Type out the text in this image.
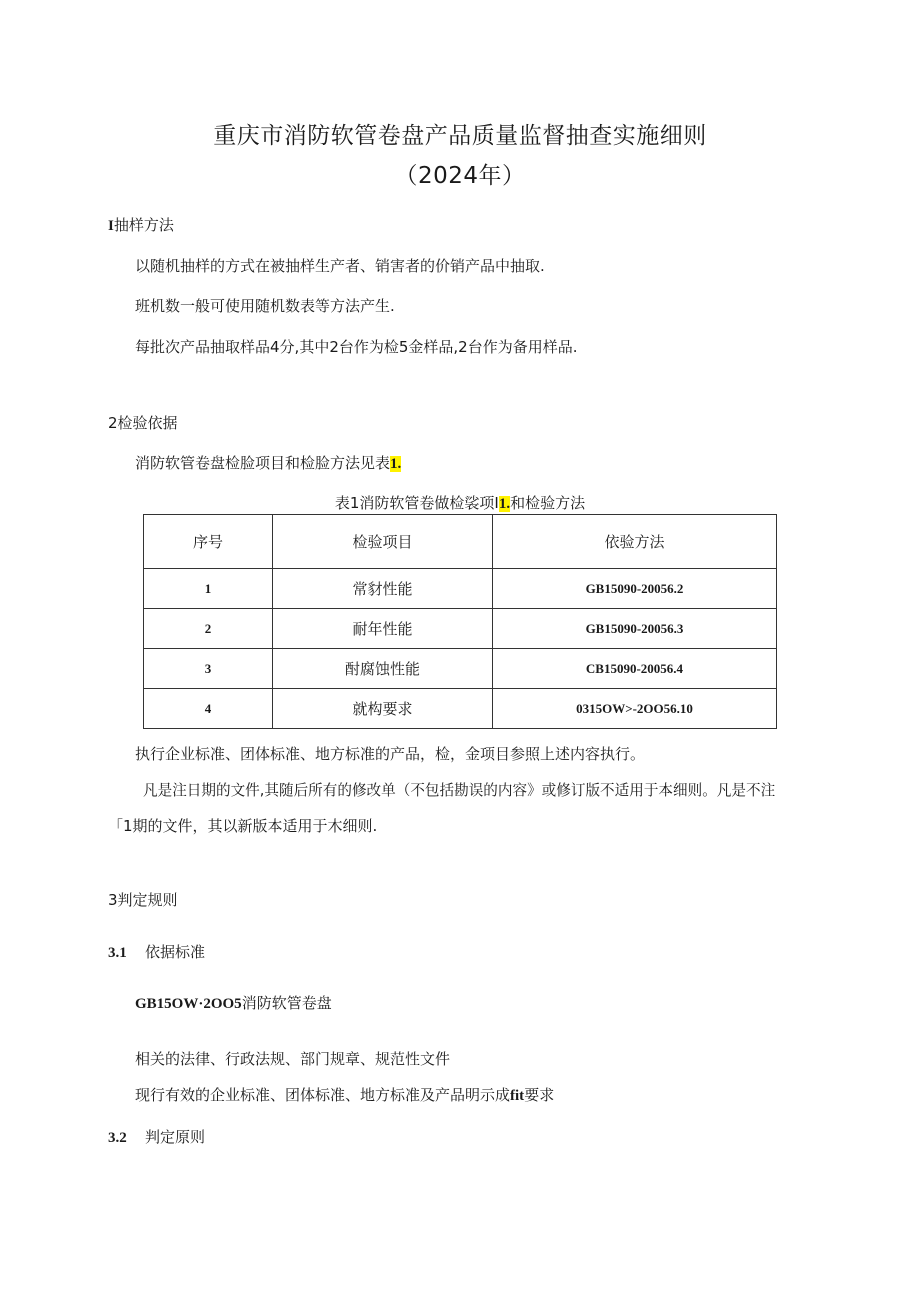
重庆市消防软管卷盘产品质量监督抽查实施细则
（2024年）
I抽样方法
以随机抽样的方式在被抽样生产者、销害者的价销产品中抽取.
班机数一般可使用随机数表等方法产生.
每批次产品抽取样品4分,其中2台作为检5金样品,2台作为备用样品.
2检验依据
消防软管卷盘检脸项目和检脸方法见表1.
表1消防软管卷做检裟项I1.和检验方法
序号	检验项目	依验方法
1	常豺性能	GB15090-20056.2
2	耐年性能	GB15090-20056.3
3	酎腐蚀性能	CB15090-20056.4
4	就构要求	0315OW>-2OO56.10
执行企业标准、团体标准、地方标准的产品，检，金项目参照上述内容执行。
凡是注日期的文件,其随后所有的修改单（不包括勘误的内容》或修订版不适用于本细则。凡是不注
「1期的文件，其以新版本适用于木细则.
3判定规则
3.1 依据标准
GB15OW·2OO5消防软管卷盘
相关的法律、行政法规、部门规章、规范性文件
现行有效的企业标准、团体标准、地方标准及产品明示成fit要求
3.2 判定原则
